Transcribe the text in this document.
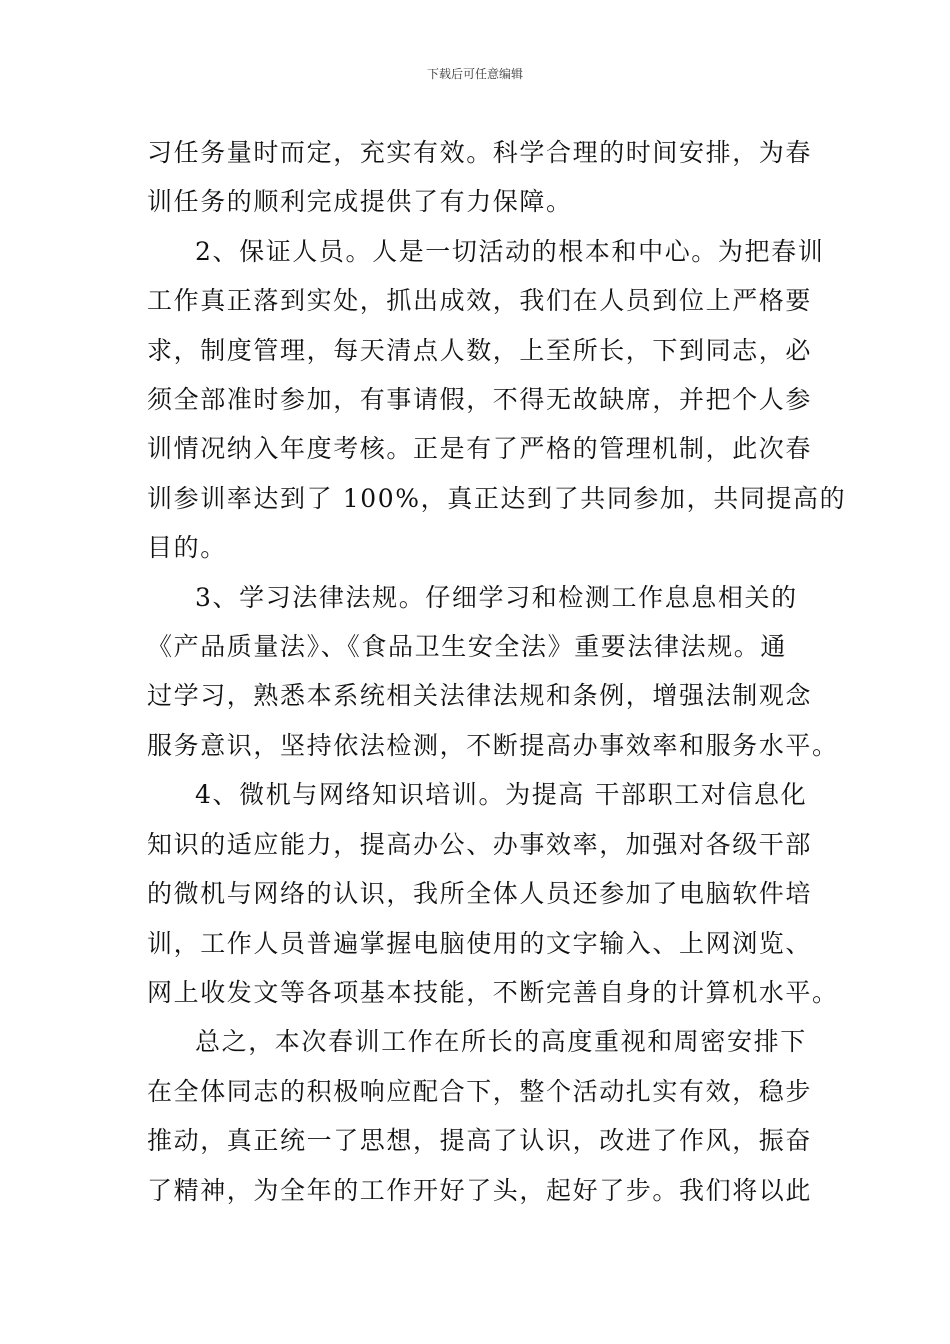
下载后可任意编辑

习任务量时而定，充实有效。科学合理的时间安排，为春

训任务的顺利完成提供了有力保障。

2、保证人员。人是一切活动的根本和中心。为把春训

工作真正落到实处，抓出成效，我们在人员到位上严格要

求，制度管理，每天清点人数，上至所长，下到同志，必

须全部准时参加，有事请假，不得无故缺席，并把个人参

训情况纳入年度考核。正是有了严格的管理机制，此次春

训参训率达到了 100%，真正达到了共同参加，共同提高的

目的。

3、学习法律法规。仔细学习和检测工作息息相关的

《产品质量法》、《食品卫生安全法》重要法律法规。通

过学习，熟悉本系统相关法律法规和条例，增强法制观念

服务意识，坚持依法检测，不断提高办事效率和服务水平。

4、微机与网络知识培训。为提高 干部职工对信息化

知识的适应能力，提高办公、办事效率，加强对各级干部

的微机与网络的认识，我所全体人员还参加了电脑软件培

训，工作人员普遍掌握电脑使用的文字输入、上网浏览、

网上收发文等各项基本技能，不断完善自身的计算机水平。

总之，本次春训工作在所长的高度重视和周密安排下

在全体同志的积极响应配合下，整个活动扎实有效，稳步

推动，真正统一了思想，提高了认识，改进了作风，振奋

了精神，为全年的工作开好了头，起好了步。我们将以此
